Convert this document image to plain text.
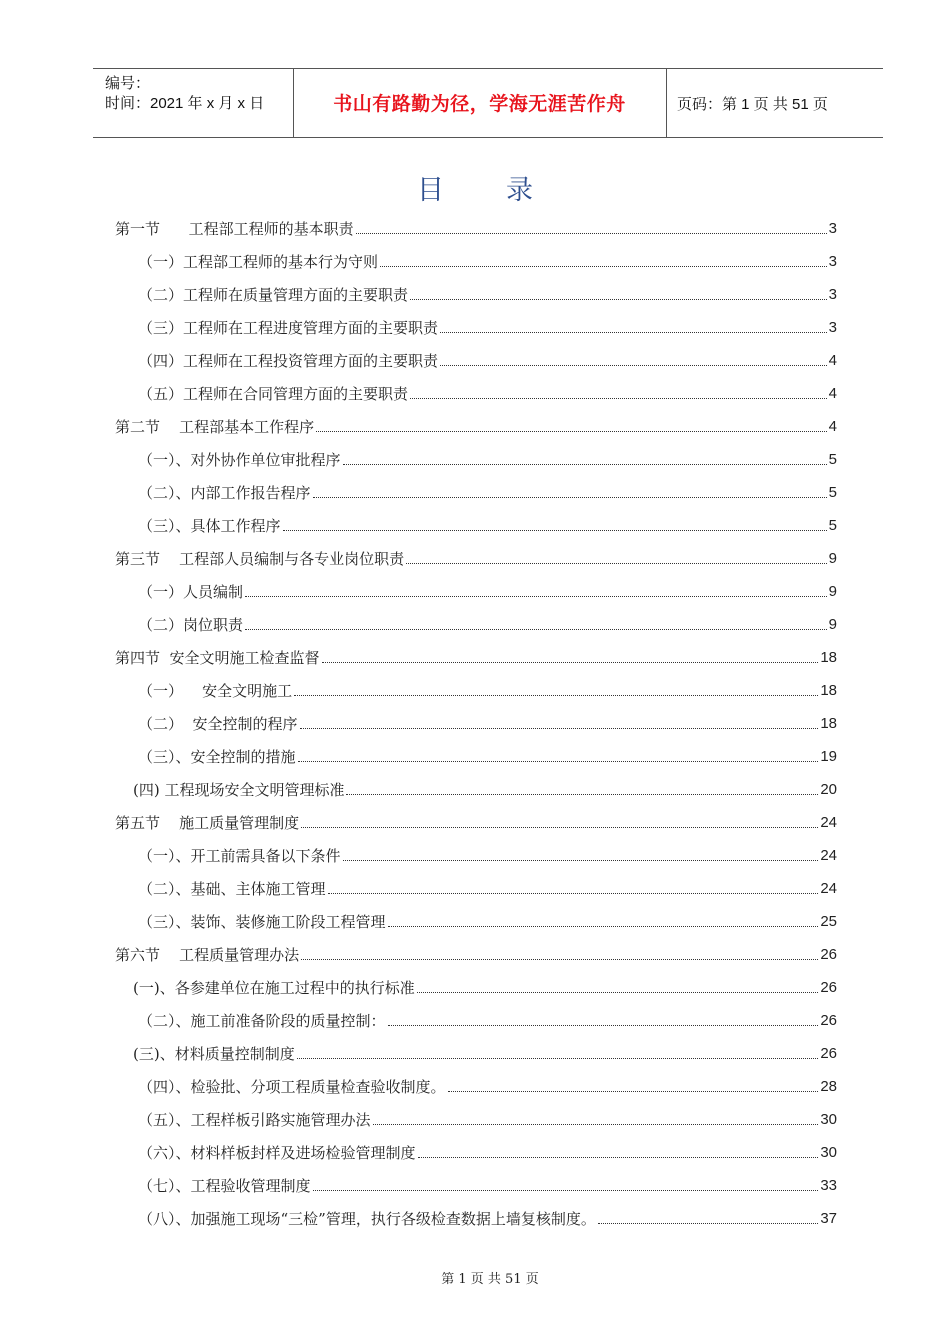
编号：
时间：2021 年 x 月 x 日	书山有路勤为径，学海无涯苦作舟	页码：第 1 页 共 51 页
目录
第一节      工程部工程师的基本职责	3
（一）工程部工程师的基本行为守则	3
（二）工程师在质量管理方面的主要职责	3
（三）工程师在工程进度管理方面的主要职责	3
（四）工程师在工程投资管理方面的主要职责	4
（五）工程师在合同管理方面的主要职责	4
第二节    工程部基本工作程序	4
（一）、对外协作单位审批程序	5
（二）、内部工作报告程序	5
（三）、具体工作程序	5
第三节    工程部人员编制与各专业岗位职责	9
（一）人员编制	9
（二）岗位职责	9
第四节  安全文明施工检查监督	18
（一）    安全文明施工	18
（二）  安全控制的程序	18
（三）、安全控制的措施	19
(四) 工程现场安全文明管理标准	20
第五节    施工质量管理制度	24
（一）、开工前需具备以下条件	24
（二）、基础、主体施工管理	24
（三）、装饰、装修施工阶段工程管理	25
第六节    工程质量管理办法	26
(一)、各参建单位在施工过程中的执行标准	26
（二）、施工前准备阶段的质量控制：	26
(三)、材料质量控制制度	26
（四）、检验批、分项工程质量检查验收制度。	28
（五）、工程样板引路实施管理办法	30
（六）、材料样板封样及进场检验管理制度	30
（七）、工程验收管理制度	33
（八）、加强施工现场“三检”管理，执行各级检查数据上墙复核制度。	37
第 1 页 共 51 页
